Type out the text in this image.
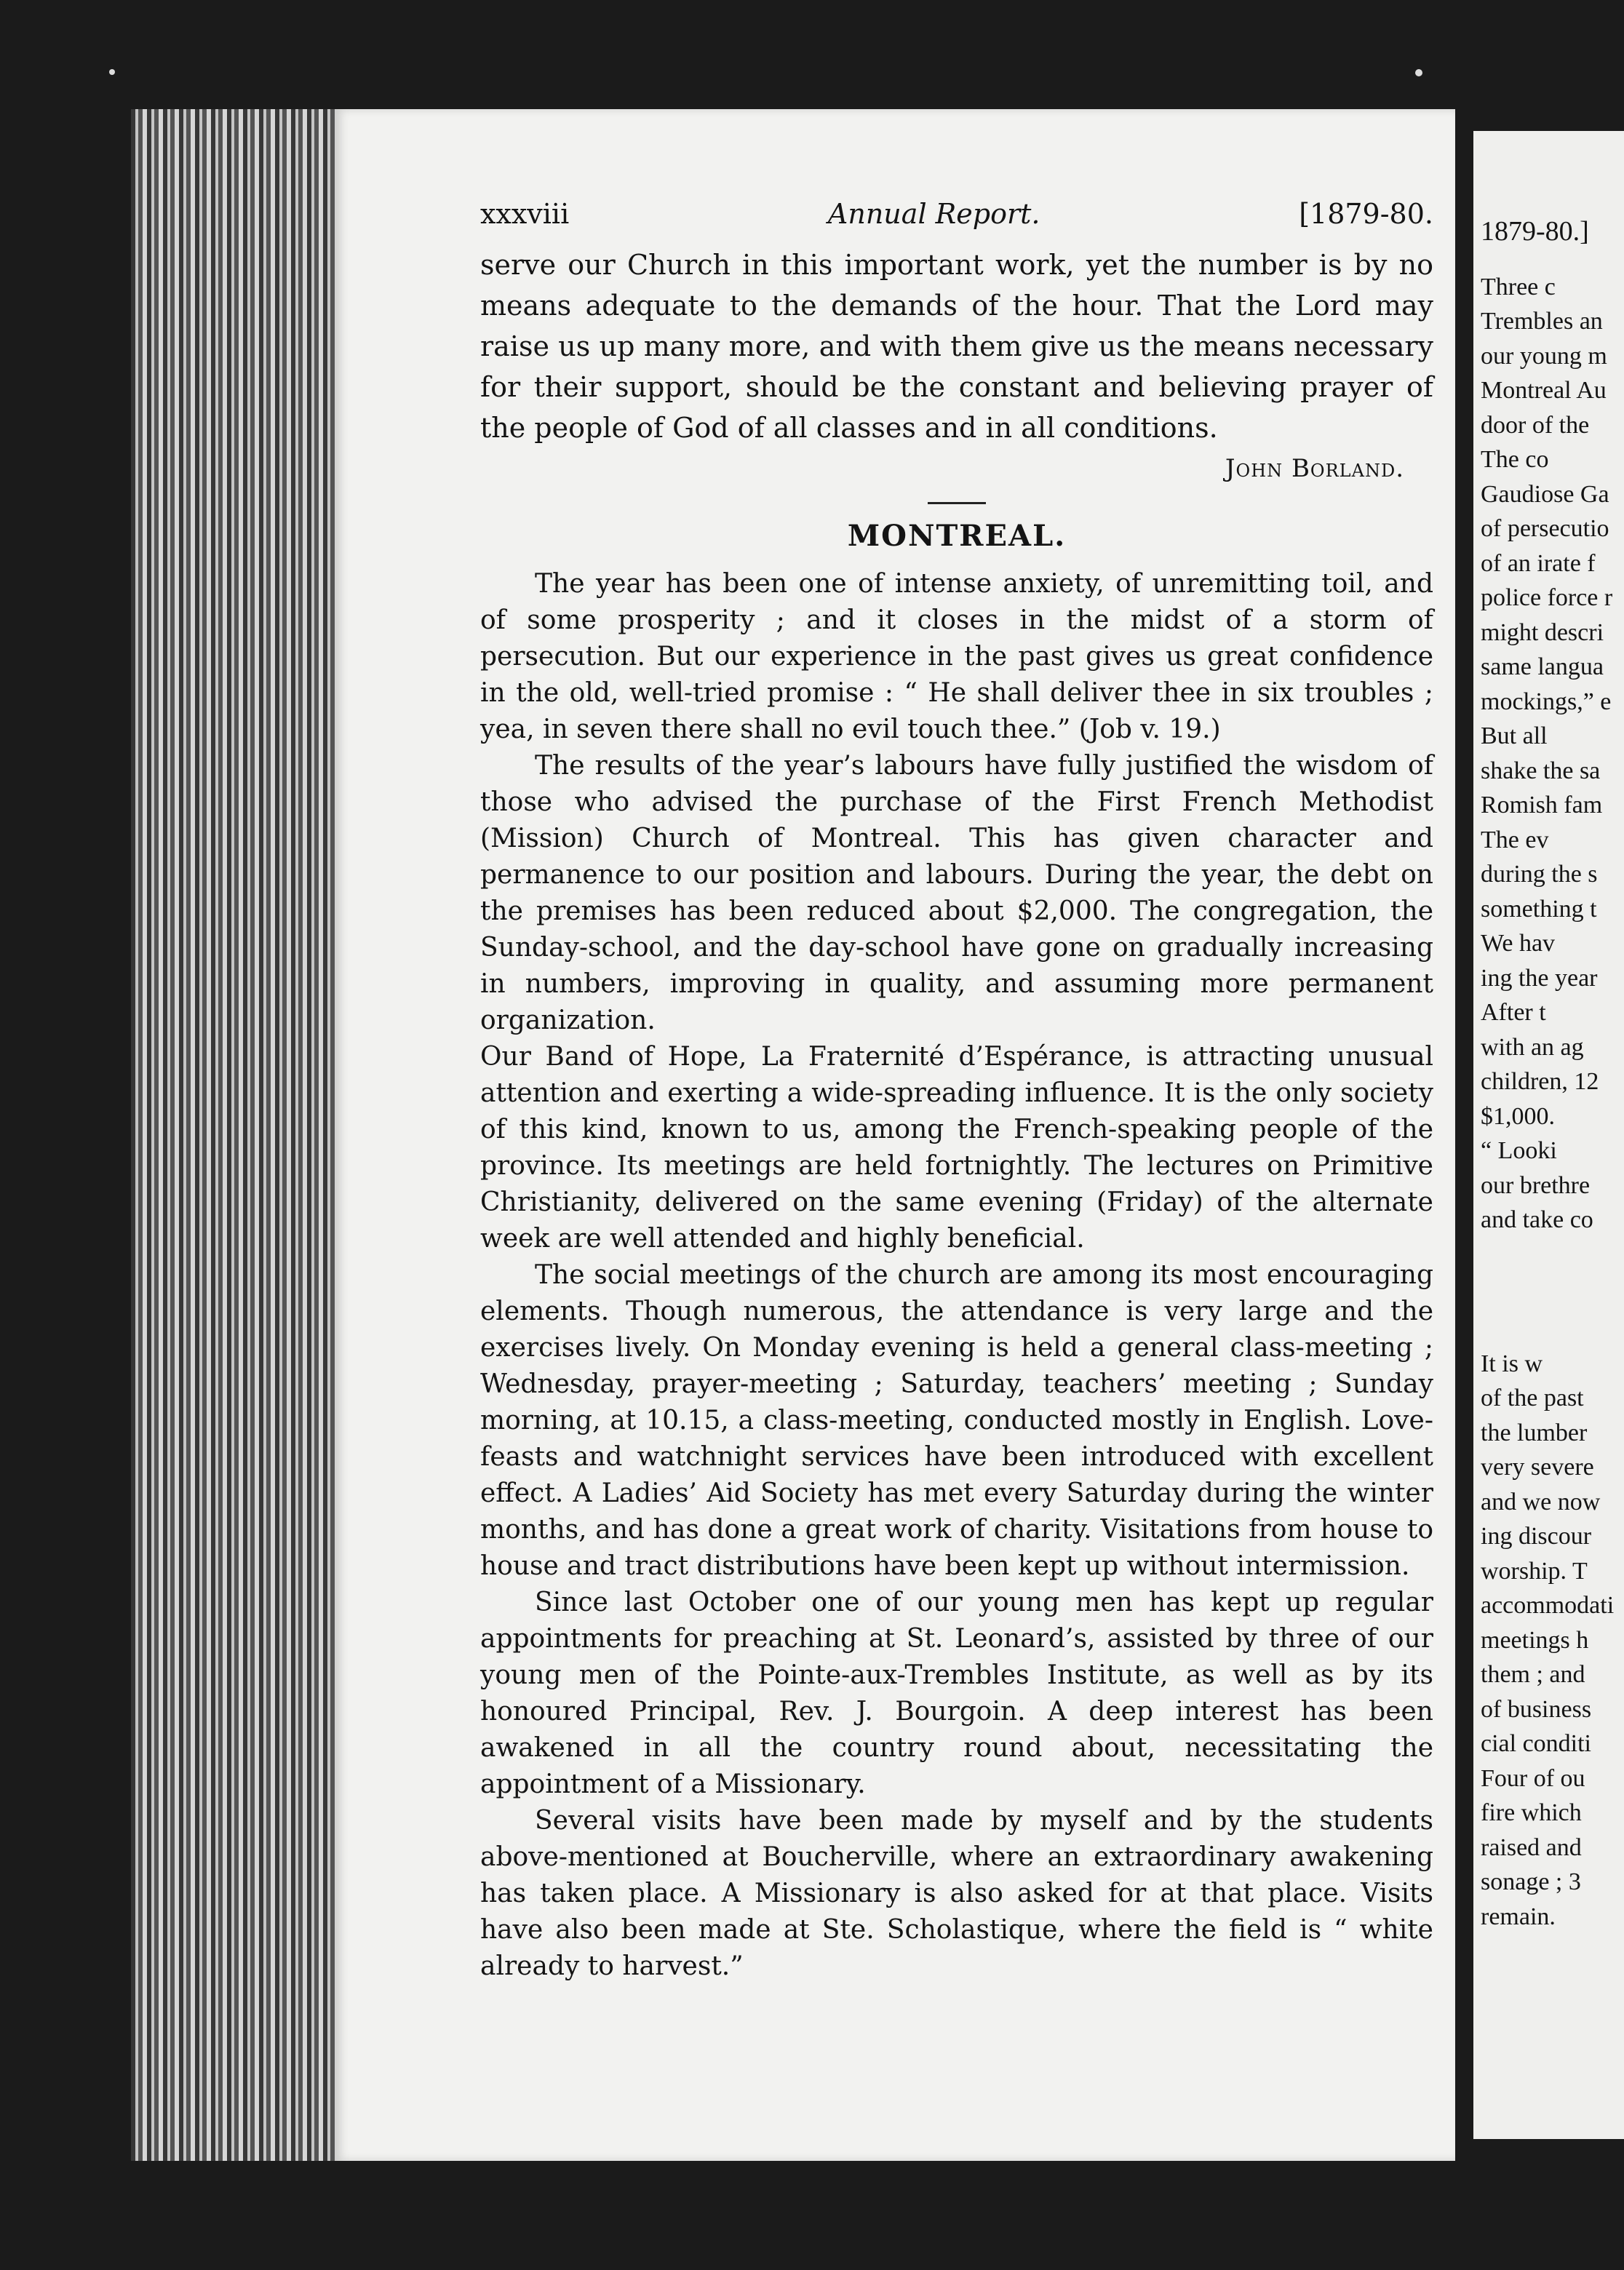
xxxviii	Annual Report.	[1879-80.

serve our Church in this important work, yet the number is by no means adequate to the demands of the hour. That the Lord may raise us up many more, and with them give us the means necessary for their support, should be the constant and believing prayer of the people of God of all classes and in all conditions.

John Borland.
MONTREAL.

The year has been one of intense anxiety, of unremitting toil, and of some prosperity ; and it closes in the midst of a storm of persecution. But our experience in the past gives us great confidence in the old, well-tried promise : “ He shall deliver thee in six troubles ; yea, in seven there shall no evil touch thee.” (Job v. 19.)

The results of the year’s labours have fully justified the wisdom of those who advised the purchase of the First French Methodist (Mission) Church of Montreal. This has given character and permanence to our position and labours. During the year, the debt on the premises has been reduced about $2,000. The congregation, the Sunday-school, and the day-school have gone on gradually increasing in numbers, improving in quality, and assuming more permanent organization.

Our Band of Hope, La Fraternité d’Espérance, is attracting unusual attention and exerting a wide-spreading influence. It is the only society of this kind, known to us, among the French-speaking people of the province. Its meetings are held fortnightly. The lectures on Primitive Christianity, delivered on the same evening (Friday) of the alternate week are well attended and highly beneficial.

The social meetings of the church are among its most encouraging elements. Though numerous, the attendance is very large and the exercises lively. On Monday evening is held a general class-meeting ; Wednesday, prayer-meeting ; Saturday, teachers’ meeting ; Sunday morning, at 10.15, a class-meeting, conducted mostly in English. Love-feasts and watchnight services have been introduced with excellent effect. A Ladies’ Aid Society has met every Saturday during the winter months, and has done a great work of charity. Visitations from house to house and tract distributions have been kept up without intermission.

Since last October one of our young men has kept up regular appointments for preaching at St. Leonard’s, assisted by three of our young men of the Pointe-aux-Trembles Institute, as well as by its honoured Principal, Rev. J. Bourgoin. A deep interest has been awakened in all the country round about, necessitating the appointment of a Missionary.

Several visits have been made by myself and by the students above-mentioned at Boucherville, where an extraordinary awakening has taken place. A Missionary is also asked for at that place. Visits have also been made at Ste. Scholastique, where the field is “ white already to harvest.”

1879-80.]
Three c
Trembles an
our young m
Montreal Au
door of the
The co
Gaudiose Ga
of persecutio
of an irate f
police force r
might descri
same langua
mockings,” e
But all
shake the sa
Romish fam
The ev
during the s
something t
We hav
ing the year
After t
with an ag
children, 12
$1,000.
“ Looki
our brethre
and take co
It is w
of the past
the lumber
very severe
and we now
ing discour
worship. T
accommodati
meetings h
them ; and
of business
cial conditi
Four of ou
fire which
raised and
sonage ; 3
remain.
